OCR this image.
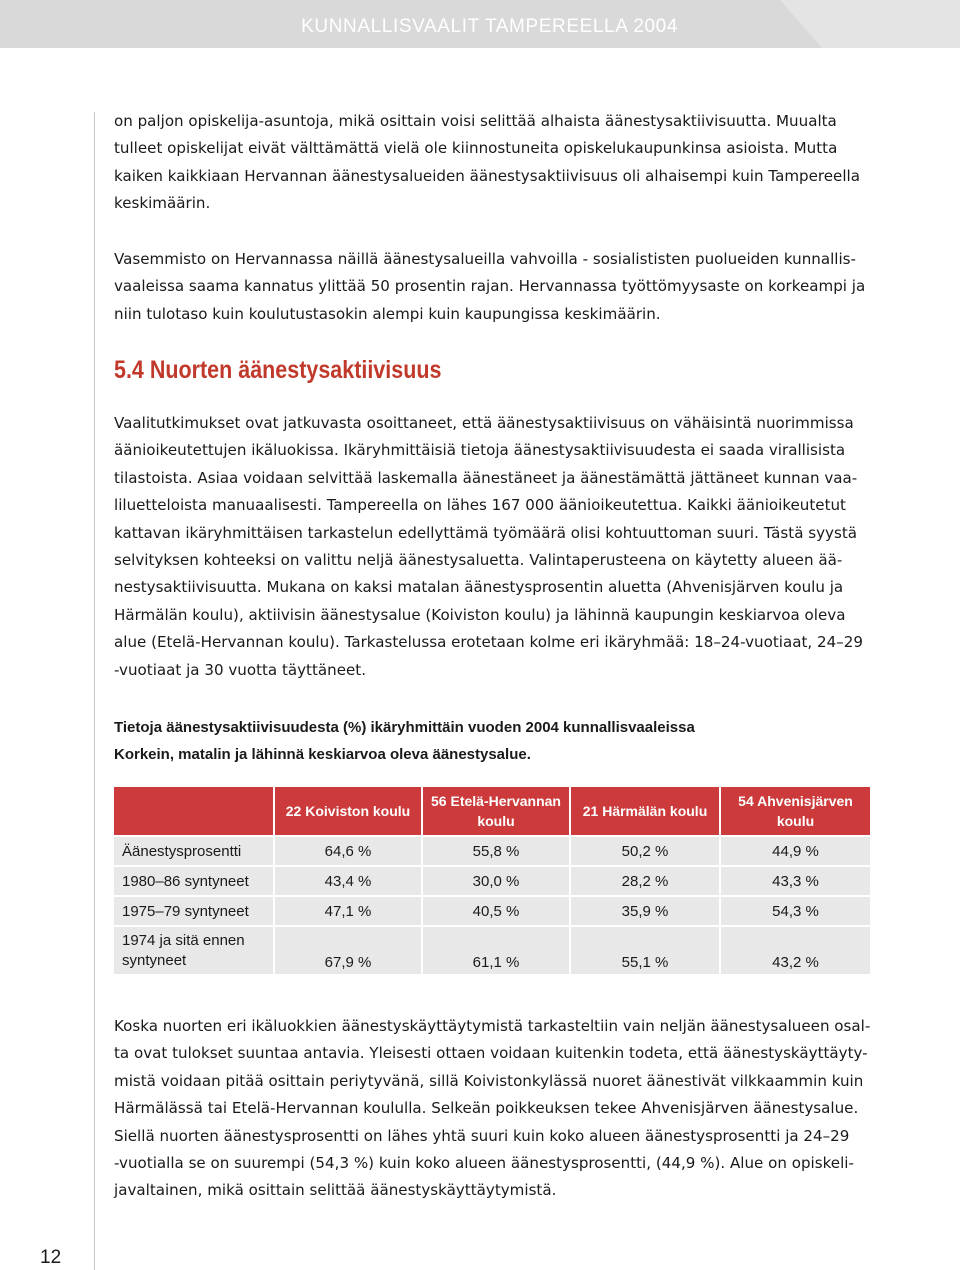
KUNNALLISVAALIT TAMPEREELLA 2004
12

on paljon opiskelija-asuntoja, mikä osittain voisi selittää alhaista äänestysaktiivisuutta. Muualta
tulleet opiskelijat eivät välttämättä vielä ole kiinnostuneita opiskelukaupunkinsa asioista. Mutta
kaiken kaikkiaan Hervannan äänestysalueiden äänestysaktiivisuus oli alhaisempi kuin Tampereella
keskimäärin.

Vasemmisto on Hervannassa näillä äänestysalueilla vahvoilla - sosialististen puolueiden kunnallis-
vaaleissa saama kannatus ylittää 50 prosentin rajan. Hervannassa työttömyysaste on korkeampi ja
niin tulotaso kuin koulutustasokin alempi kuin kaupungissa keskimäärin.

5.4 Nuorten äänestysaktiivisuus

Vaalitutkimukset ovat jatkuvasta osoittaneet, että äänestysaktiivisuus on vähäisintä nuorimmissa
äänioikeutettujen ikäluokissa. Ikäryhmittäisiä tietoja äänestysaktiivisuudesta ei saada virallisista
tilastoista. Asiaa voidaan selvittää laskemalla äänestäneet ja äänestämättä jättäneet kunnan vaa-
liluetteloista manuaalisesti. Tampereella on lähes 167 000 äänioikeutettua. Kaikki äänioikeutetut
kattavan ikäryhmittäisen tarkastelun edellyttämä työmäärä olisi kohtuuttoman suuri. Tästä syystä
selvityksen kohteeksi on valittu neljä äänestysaluetta. Valintaperusteena on käytetty alueen ää-
nestysaktiivisuutta. Mukana on kaksi matalan äänestysprosentin aluetta (Ahvenisjärven koulu ja
Härmälän koulu), aktiivisin äänestysalue (Koiviston koulu) ja lähinnä kaupungin keskiarvoa oleva
alue (Etelä-Hervannan koulu). Tarkastelussa erotetaan kolme eri ikäryhmää: 18–24-vuotiaat, 24–29
-vuotiaat ja 30 vuotta täyttäneet.

Tietoja äänestysaktiivisuudesta (%) ikäryhmittäin vuoden 2004 kunnallisvaaleissa
Korkein, matalin ja lähinnä keskiarvoa oleva äänestysalue.
	22 Koiviston koulu	56 Etelä-Hervannan koulu	21 Härmälän koulu	54 Ahvenisjärven koulu
Äänestysprosentti	64,6 %	55,8 %	50,2 %	44,9 %
1980–86 syntyneet	43,4 %	30,0 %	28,2 %	43,3 %
1975–79 syntyneet	47,1 %	40,5 %	35,9 %	54,3 %
1974 ja sitä ennen syntyneet	67,9 %	61,1 %	55,1 %	43,2 %

Koska nuorten eri ikäluokkien äänestyskäyttäytymistä tarkasteltiin vain neljän äänestysalueen osal-
ta ovat tulokset suuntaa antavia. Yleisesti ottaen voidaan kuitenkin todeta, että äänestyskäyttäyty-
mistä voidaan pitää osittain periytyvänä, sillä Koivistonkylässä nuoret äänestivät vilkkaammin kuin
Härmälässä tai Etelä-Hervannan koululla. Selkeän poikkeuksen tekee Ahvenisjärven äänestysalue.
Siellä nuorten äänestysprosentti on lähes yhtä suuri kuin koko alueen äänestysprosentti ja 24–29
-vuotialla se on suurempi (54,3 %) kuin koko alueen äänestysprosentti, (44,9 %). Alue on opiskeli-
javaltainen, mikä osittain selittää äänestyskäyttäytymistä.
